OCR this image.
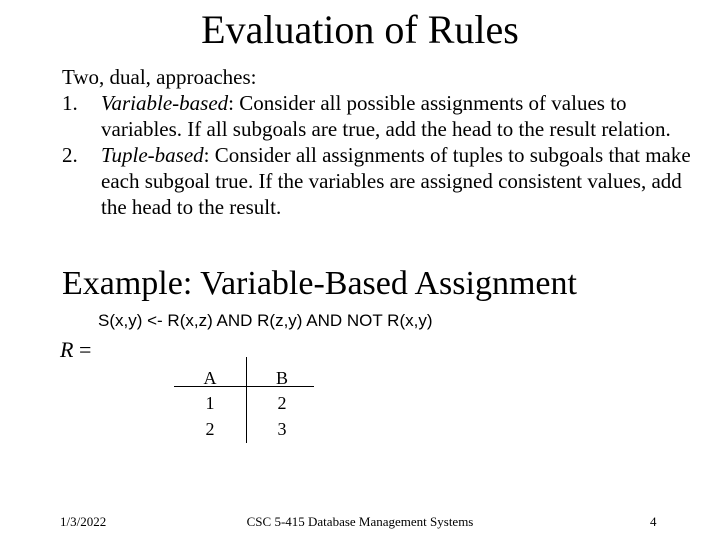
Evaluation of Rules

Two, dual, approaches:

1. Variable-based: Consider all possible assignments of values to variables. If all subgoals are true, add the head to the result relation.

2. Tuple-based: Consider all assignments of tuples to subgoals that make each subgoal true. If the variables are assigned consistent values, add the head to the result.

Example: Variable-Based Assignment
S(x,y) <- R(x,z) AND R(z,y) AND NOT R(x,y)
R =
A	B
1	2
2	3
1/3/2022	CSC 5-415 Database Management Systems	4
